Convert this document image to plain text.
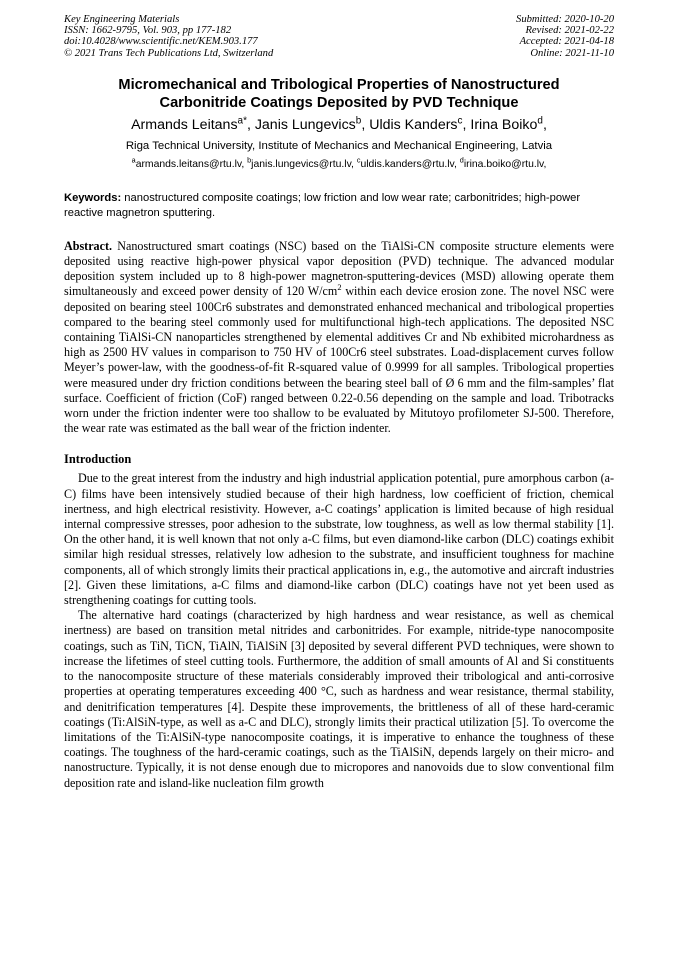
Key Engineering Materials
ISSN: 1662-9795, Vol. 903, pp 177-182
doi:10.4028/www.scientific.net/KEM.903.177
© 2021 Trans Tech Publications Ltd, Switzerland
Submitted: 2020-10-20
Revised: 2021-02-22
Accepted: 2021-04-18
Online: 2021-11-10
Micromechanical and Tribological Properties of Nanostructured
Carbonitride Coatings Deposited by PVD Technique
Armands Leitans$^{a*}$, Janis Lungevics$^b$, Uldis Kanders$^c$, Irina Boiko$^d$,
Riga Technical University, Institute of Mechanics and Mechanical Engineering, Latvia
$^a$armands.leitans@rtu.lv, $^b$janis.lungevics@rtu.lv, $^c$uldis.kanders@rtu.lv, $^d$irina.boiko@rtu.lv,
Keywords: nanostructured composite coatings; low friction and low wear rate; carbonitrides; high-power reactive magnetron sputtering.
Abstract. Nanostructured smart coatings (NSC) based on the TiAlSi-CN composite structure elements were deposited using reactive high-power physical vapor deposition (PVD) technique. The advanced modular deposition system included up to 8 high-power magnetron-sputtering-devices (MSD) allowing operate them simultaneously and exceed power density of 120 $W/cm^2$ within each device erosion zone. The novel NSC were deposited on bearing steel 100Cr6 substrates and demonstrated enhanced mechanical and tribological properties compared to the bearing steel commonly used for multifunctional high-tech applications. The deposited NSC containing TiAlSi-CN nanoparticles strengthened by elemental additives Cr and Nb exhibited microhardness as high as 2500 HV values in comparison to 750 HV of 100Cr6 steel substrates. Load-displacement curves follow Meyer’s power-law, with the goodness-of-fit R-squared value of 0.9999 for all samples. Tribological properties were measured under dry friction conditions between the bearing steel ball of Ø 6 mm and the film-samples’ flat surface. Coefficient of friction (CoF) ranged between 0.22-0.56 depending on the sample and load. Tribotracks worn under the friction indenter were too shallow to be evaluated by Mitutoyo profilometer SJ-500. Therefore, the wear rate was estimated as the ball wear of the friction indenter.
Introduction
Due to the great interest from the industry and high industrial application potential, pure amorphous carbon (a-C) films have been intensively studied because of their high hardness, low coefficient of friction, chemical inertness, and high electrical resistivity. However, a-C coatings’ application is limited because of high residual internal compressive stresses, poor adhesion to the substrate, low toughness, as well as low thermal stability [1]. On the other hand, it is well known that not only a-C films, but even diamond-like carbon (DLC) coatings exhibit similar high residual stresses, relatively low adhesion to the substrate, and insufficient toughness for machine components, all of which strongly limits their practical applications in, e.g., the automotive and aircraft industries [2]. Given these limitations, a-C films and diamond-like carbon (DLC) coatings have not yet been used as strengthening coatings for cutting tools.
The alternative hard coatings (characterized by high hardness and wear resistance, as well as chemical inertness) are based on transition metal nitrides and carbonitrides. For example, nitride-type nanocomposite coatings, such as TiN, TiCN, TiAlN, TiAlSiN [3] deposited by several different PVD techniques, were shown to increase the lifetimes of steel cutting tools. Furthermore, the addition of small amounts of Al and Si constituents to the nanocomposite structure of these materials considerably improved their tribological and anti-corrosive properties at operating temperatures exceeding 400 °C, such as hardness and wear resistance, thermal stability, and denitrification temperatures [4]. Despite these improvements, the brittleness of all of these hard-ceramic coatings (Ti:AlSiN-type, as well as a-C and DLC), strongly limits their practical utilization [5]. To overcome the limitations of the Ti:AlSiN-type nanocomposite coatings, it is imperative to enhance the toughness of these coatings. The toughness of the hard-ceramic coatings, such as the TiAlSiN, depends largely on their micro- and nanostructure. Typically, it is not dense enough due to micropores and nanovoids due to slow conventional film deposition rate and island-like nucleation film growth
